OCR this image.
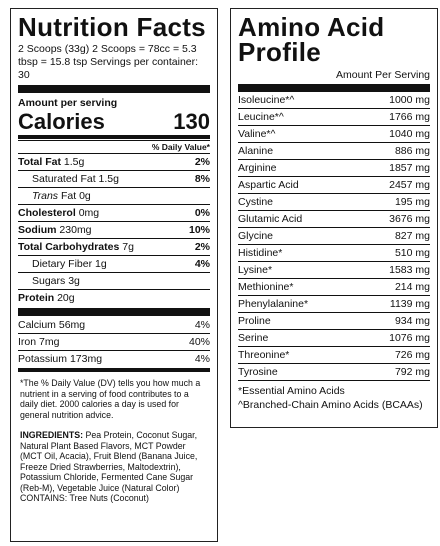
Nutrition Facts
2 Scoops (33g) 2 Scoops = 78cc = 5.3 tbsp = 15.8 tsp Servings per container: 30
Amount per serving
Calories	130
% Daily Value*
Total Fat 1.5g	2%
Saturated Fat 1.5g	8%
Trans Fat 0g
Cholesterol 0mg	0%
Sodium 230mg	10%
Total Carbohydrates 7g	2%
Dietary Fiber 1g	4%
Sugars 3g
Protein 20g
Calcium 56mg	4%
Iron 7mg	40%
Potassium 173mg	4%
*The % Daily Value (DV) tells you how much a nutrient in a serving of food contributes to a daily diet. 2000 calories a day is used for general nutrition advice.
INGREDIENTS: Pea Protein, Coconut Sugar, Natural Plant Based Flavors, MCT Powder (MCT Oil, Acacia), Fruit Blend (Banana Juice, Freeze Dried Strawberries, Maltodextrin), Potassium Chloride, Fermented Cane Sugar (Reb-M), Vegetable Juice (Natural Color)
CONTAINS: Tree Nuts (Coconut)
Amino Acid Profile
Amount Per Serving
Isoleucine*^	1000 mg
Leucine*^	1766 mg
Valine*^	1040 mg
Alanine	886 mg
Arginine	1857 mg
Aspartic Acid	2457 mg
Cystine	195 mg
Glutamic Acid	3676 mg
Glycine	827 mg
Histidine*	510 mg
Lysine*	1583 mg
Methionine*	214 mg
Phenylalanine*	1139 mg
Proline	934 mg
Serine	1076 mg
Threonine*	726 mg
Tyrosine	792 mg
*Essential Amino Acids
^Branched-Chain Amino Acids (BCAAs)
